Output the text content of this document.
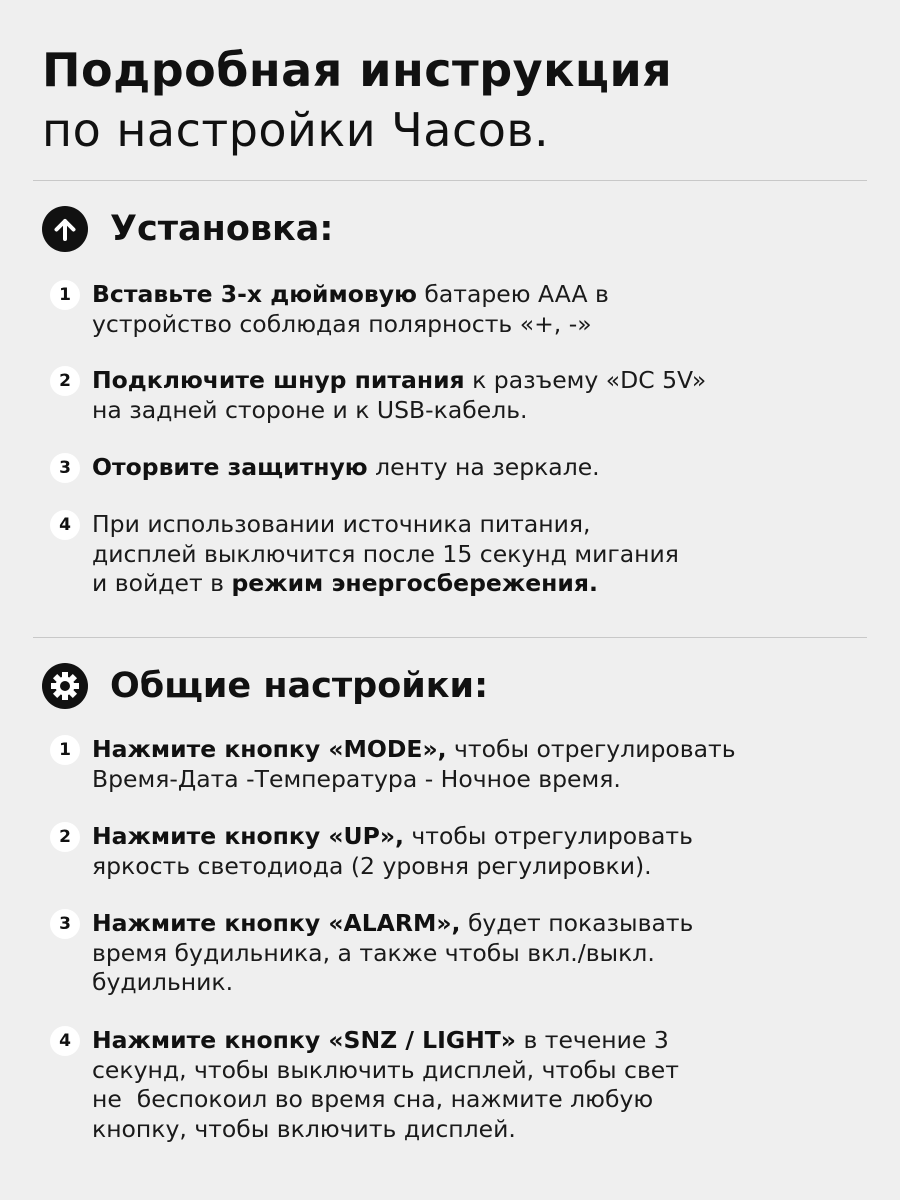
Подробная инструкция
по настройки Часов.
Установка:
1 Вставьте 3-х дюймовую батарею AAA в
устройство соблюдая полярность «+, -»
2 Подключите шнур питания к разъему «DC 5V»
на задней стороне и к USB-кабель.
3 Оторвите защитную ленту на зеркале.
4 При использовании источника питания,
дисплей выключится после 15 секунд мигания
и войдет в режим энергосбережения.
Общие настройки:
1 Нажмите кнопку «MODE», чтобы отрегулировать
Время-Дата -Температура - Ночное время.
2 Нажмите кнопку «UP», чтобы отрегулировать
яркость светодиода (2 уровня регулировки).
3 Нажмите кнопку «ALARM», будет показывать
время будильника, а также чтобы вкл./выкл.
будильник.
4 Нажмите кнопку «SNZ / LIGHT» в течение 3
секунд, чтобы выключить дисплей, чтобы свет
не  беспокоил во время сна, нажмите любую
кнопку, чтобы включить дисплей.
